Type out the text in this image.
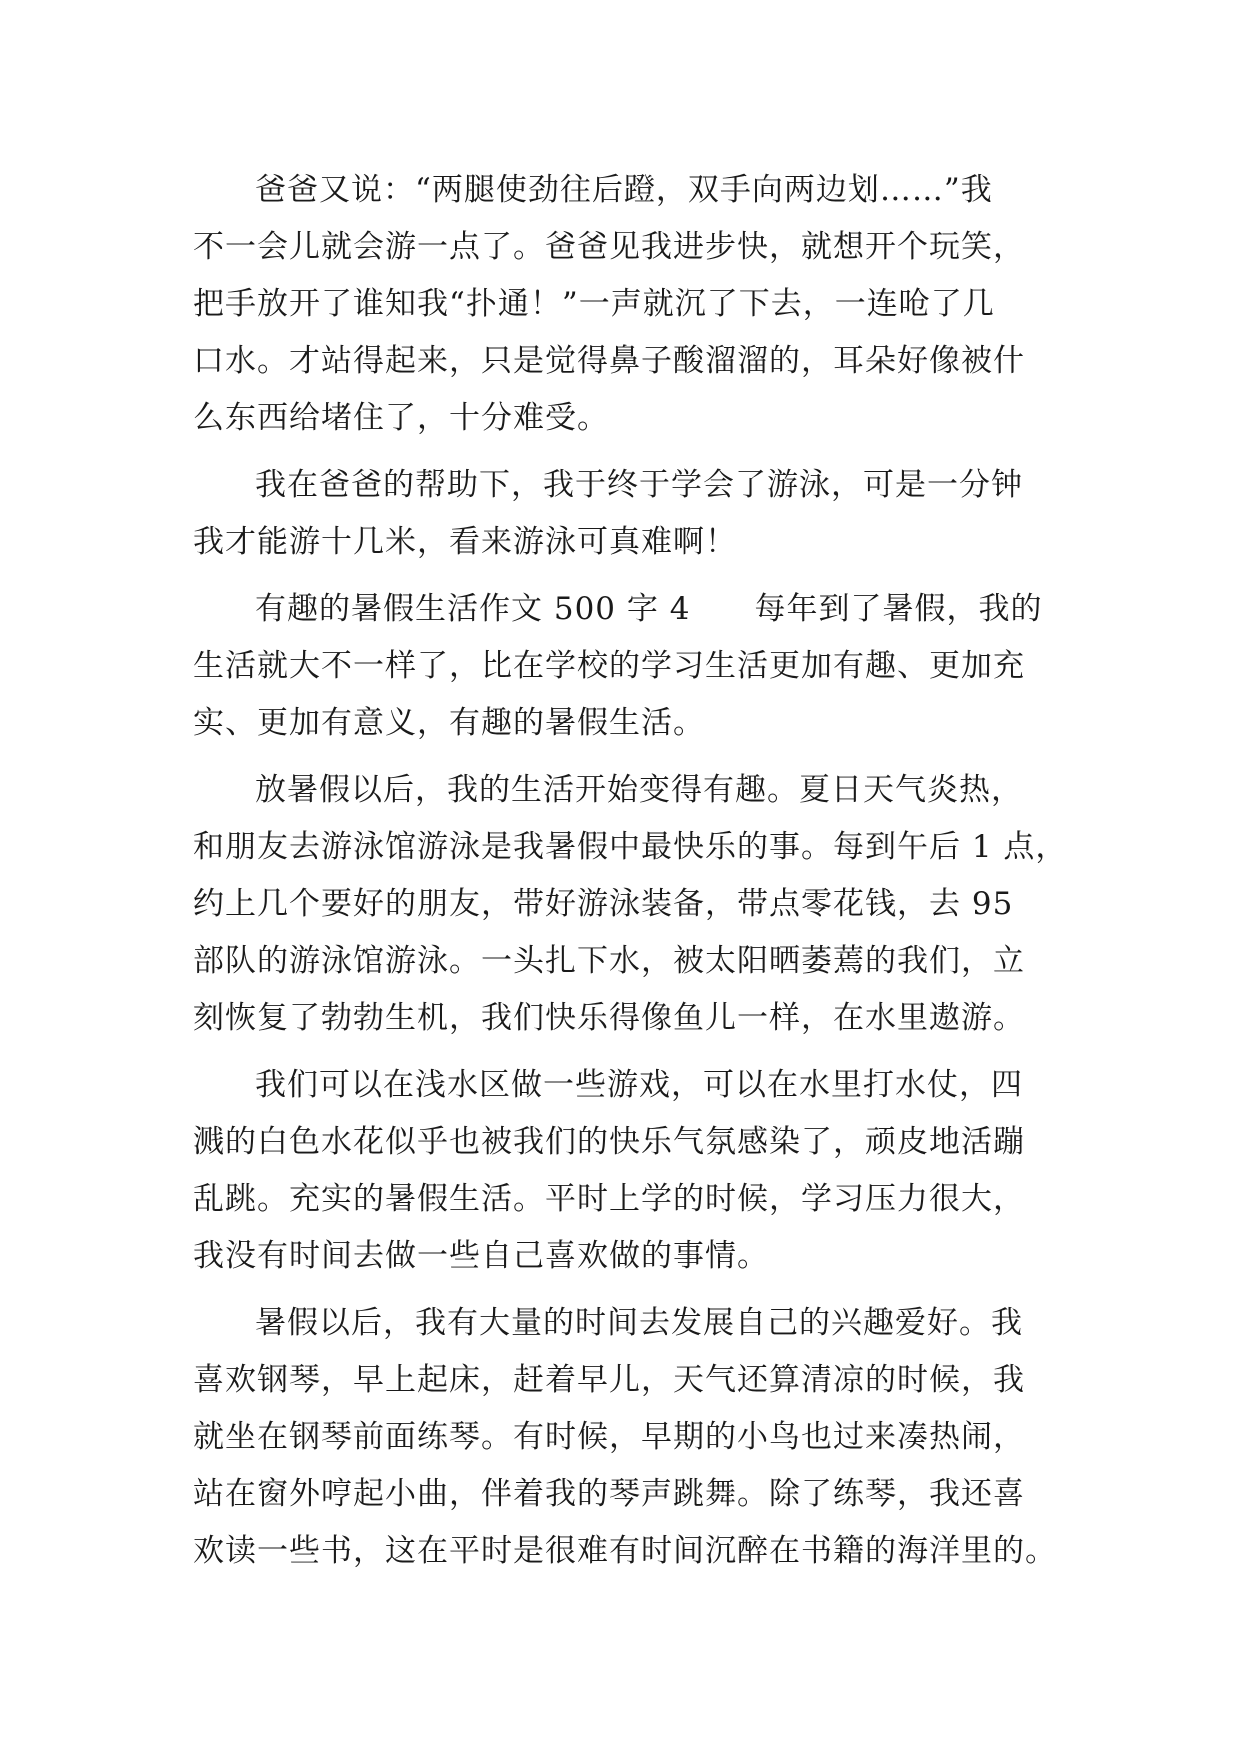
爸爸又说：“两腿使劲往后蹬，双手向两边划……”我
不一会儿就会游一点了。爸爸见我进步快，就想开个玩笑，
把手放开了谁知我“扑通！”一声就沉了下去，一连呛了几
口水。才站得起来，只是觉得鼻子酸溜溜的，耳朵好像被什
么东西给堵住了，十分难受。
我在爸爸的帮助下，我于终于学会了游泳，可是一分钟
我才能游十几米，看来游泳可真难啊！
有趣的暑假生活作文 500 字 4　　每年到了暑假，我的
生活就大不一样了，比在学校的学习生活更加有趣、更加充
实、更加有意义，有趣的暑假生活。
放暑假以后，我的生活开始变得有趣。夏日天气炎热，
和朋友去游泳馆游泳是我暑假中最快乐的事。每到午后 1 点，
约上几个要好的朋友，带好游泳装备，带点零花钱，去 95
部队的游泳馆游泳。一头扎下水，被太阳晒萎蔫的我们，立
刻恢复了勃勃生机，我们快乐得像鱼儿一样，在水里遨游。
我们可以在浅水区做一些游戏，可以在水里打水仗，四
溅的白色水花似乎也被我们的快乐气氛感染了，顽皮地活蹦
乱跳。充实的暑假生活。平时上学的时候，学习压力很大，
我没有时间去做一些自己喜欢做的事情。
暑假以后，我有大量的时间去发展自己的兴趣爱好。我
喜欢钢琴，早上起床，赶着早儿，天气还算清凉的时候，我
就坐在钢琴前面练琴。有时候，早期的小鸟也过来凑热闹，
站在窗外哼起小曲，伴着我的琴声跳舞。除了练琴，我还喜
欢读一些书，这在平时是很难有时间沉醉在书籍的海洋里的。
